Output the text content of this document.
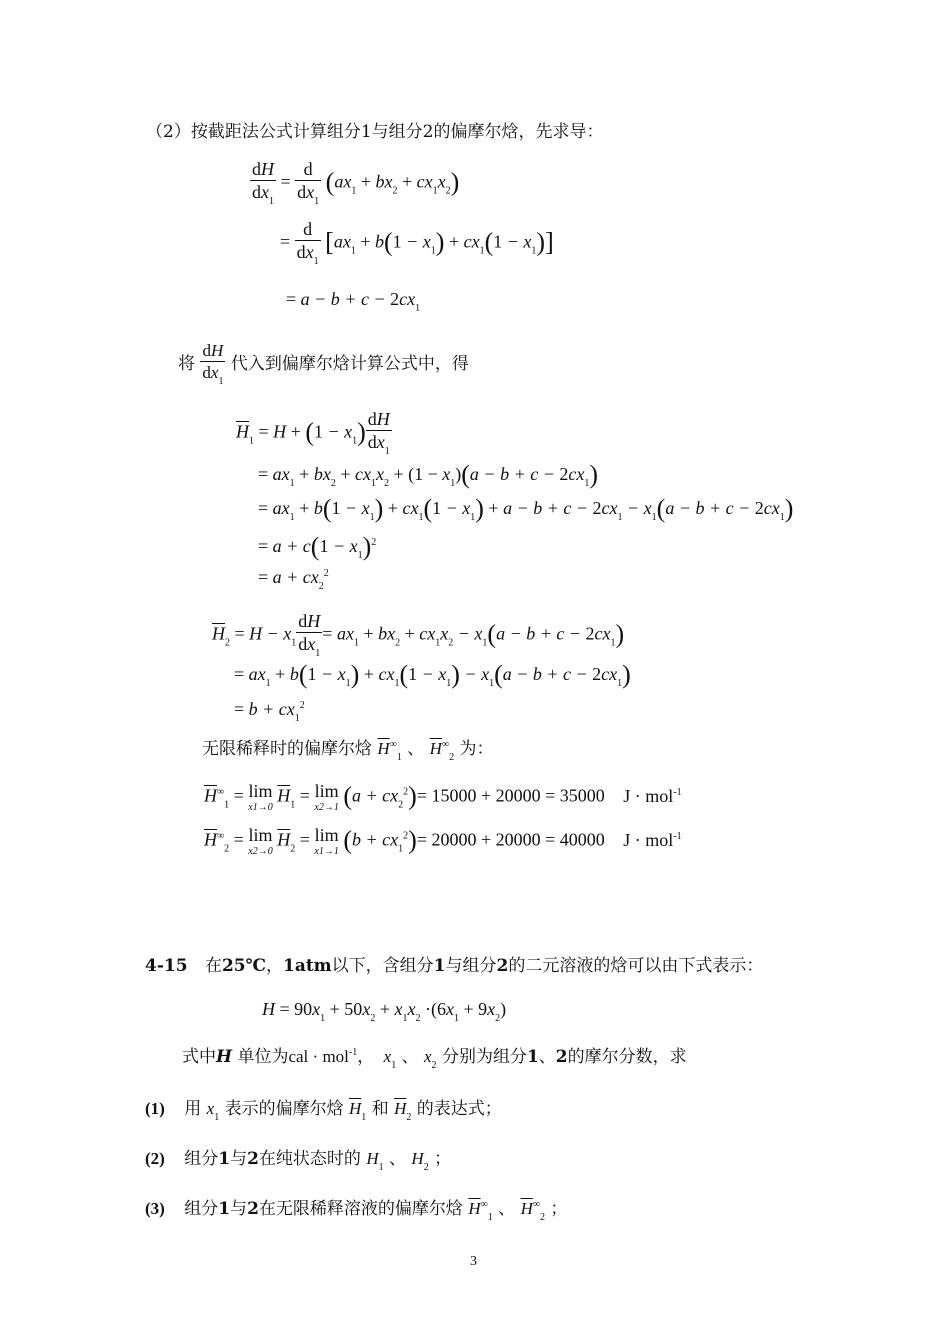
（2）按截距法公式计算组分1与组分2的偏摩尔焓，先求导：
$\frac{dH}{dx_1} = \frac{d}{dx_1} (ax_1 + bx_2 + cx_1x_2)$
= $\frac{d}{dx_1} [ax_1 + b(1 - x_1) + cx_1(1 - x_1)]$
= $a - b + c - 2cx_1$
将 $\frac{dH}{dx_1}$ 代入到偏摩尔焓计算公式中，得
$\overline{H}_1 = H + (1 - x_1) \frac{dH}{dx_1}$
= $ax_1 + bx_2 + cx_1x_2 + (1 - x_1)(a - b + c - 2cx_1)$
= $ax_1 + b(1 - x_1) + cx_1(1 - x_1) + a - b + c - 2cx_1 - x_1(a - b + c - 2cx_1)$
= $a + c(1 - x_1)^2$
= $a + cx_2^2$
$\overline{H}_2 = H - x_1 \frac{dH}{dx_1} = ax_1 + bx_2 + cx_1x_2 - x_1(a - b + c - 2cx_1)$
= $ax_1 + b(1 - x_1) + cx_1(1 - x_1) - x_1(a - b + c - 2cx_1)$
= $b + cx_1^2$
无限稀释时的偏摩尔焓 $\overline{H}^\infty_1$ 、 $\overline{H}^\infty_2$ 为：
$\overline{H}^\infty_1 = \lim$
x1→0
$\overline{H}_1 = \lim$
x2→1 $(a + cx_2^2)= 15000 + 20000 = 35000$ J · mol$^{-1}$
$\overline{H}^\infty_2 = \lim$
x2→0
$\overline{H}_2 = \lim$
x1→1 $(b + cx_1^2)= 20000 + 20000 = 40000$ J · mol$^{-1}$
4-15 在25℃，1atm以下，含组分1与组分2的二元溶液的焓可以由下式表示：
$H = 90x_1 + 50x_2 + x_1x_2 \cdot(6x_1 + 9x_2)$
式中H 单位为cal · mol$^{-1}$， $x_1$ 、 $x_2$ 分别为组分1、2的摩尔分数，求
(1) 用 $x_1$ 表示的偏摩尔焓 $\overline{H}_1$ 和 $\overline{H}_2$ 的表达式；
(2) 组分1与2在纯状态时的 $H_1$ 、 $H_2$ ；
(3) 组分1与2在无限稀释溶液的偏摩尔焓 $\overline{H}^\infty_1$ 、 $\overline{H}^\infty_2$ ；
3
